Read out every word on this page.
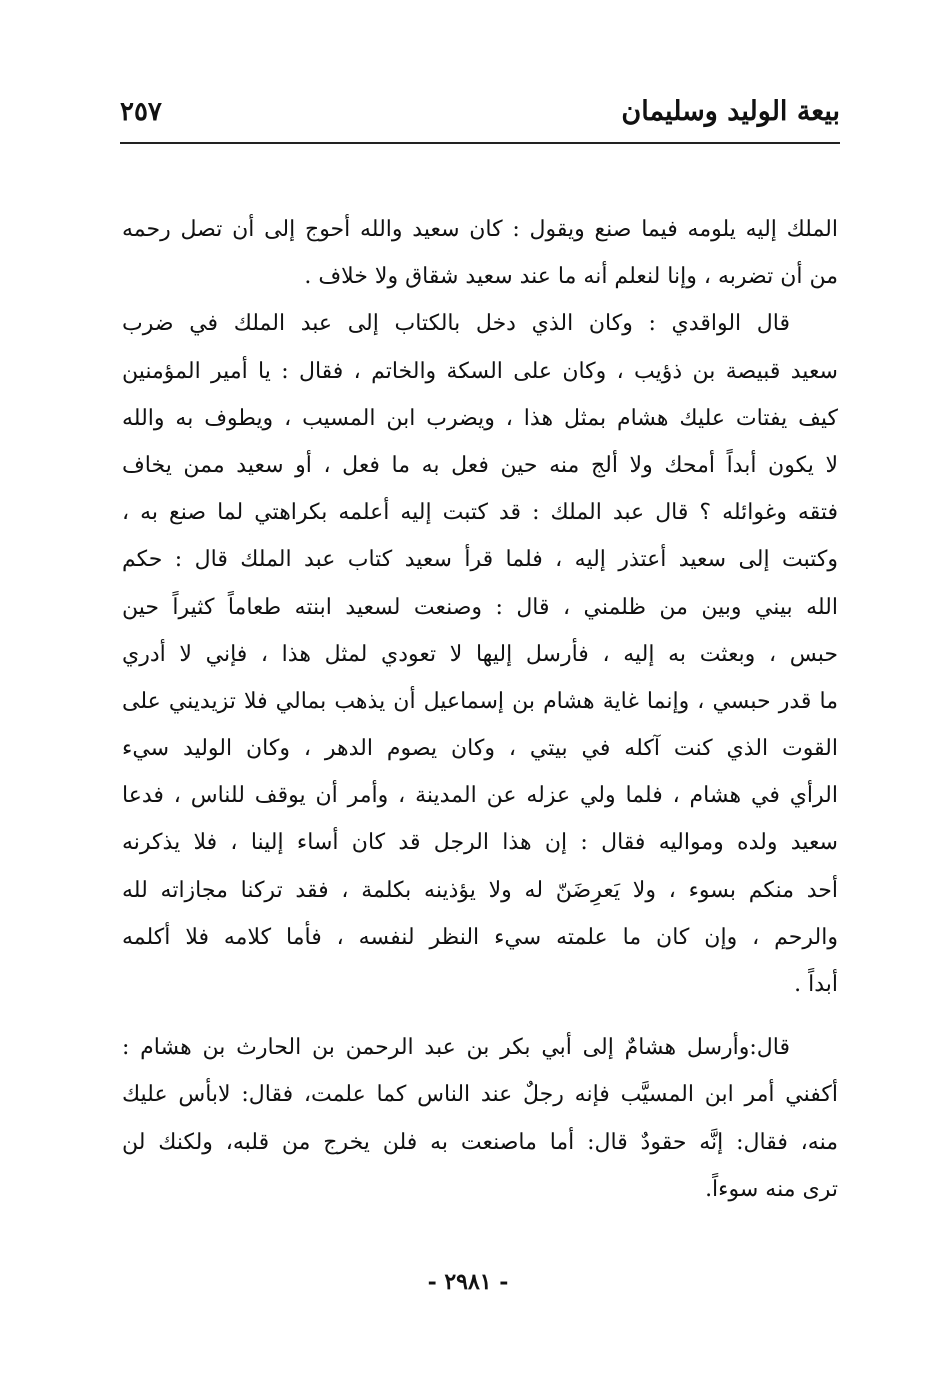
بيعة الوليد وسليمان
٢٥٧
الملك إليه يلومه فيما صنع ويقول : كان سعيد والله أحوج إلى أن تصل رحمه
من أن تضربه ، وإنا لنعلم أنه ما عند سعيد شقاق ولا خلاف .
قال الواقدي : وكان الذي دخل بالكتاب إلى عبد الملك في ضرب
سعيد قبيصة بن ذؤيب ، وكان على السكة والخاتم ، فقال : يا أمير المؤمنين
كيف يفتات عليك هشام بمثل هذا ، ويضرب ابن المسيب ، ويطوف به والله
لا يكون أبداً أمحك ولا ألج منه حين فعل به ما فعل ، أو سعيد ممن يخاف
فتقه وغوائله ؟ قال عبد الملك : قد كتبت إليه أعلمه بكراهتي لما صنع به ،
وكتبت إلى سعيد أعتذر إليه ، فلما قرأ سعيد كتاب عبد الملك قال : حكم
الله بيني وبين من ظلمني ، قال : وصنعت لسعيد ابنته طعاماً كثيراً حين
حبس ، وبعثت به إليه ، فأرسل إليها لا تعودي لمثل هذا ، فإني لا أدري
ما قدر حبسي ، وإنما غاية هشام بن إسماعيل أن يذهب بمالي فلا تزيديني على
القوت الذي كنت آكله في بيتي ، وكان يصوم الدهر ، وكان الوليد سيء
الرأي في هشام ، فلما ولي عزله عن المدينة ، وأمر أن يوقف للناس ، فدعا
سعيد ولده ومواليه فقال : إن هذا الرجل قد كان أساء إلينا ، فلا يذكرنه
أحد منكم بسوء ، ولا يَعرِضَنّ له ولا يؤذينه بكلمة ، فقد تركنا مجازاته لله
والرحم ، وإن كان ما علمته سيء النظر لنفسه ، فأما كلامه فلا أكلمه
أبداً .
قال:وأرسل هشامٌ إلى أبي بكر بن عبد الرحمن بن الحارث بن هشام :
أكفني أمر ابن المسيَّب فإنه رجلٌ عند الناس كما علمت، فقال: لابأس عليك
منه، فقال: إنَّه حقودٌ قال: أما ماصنعت به فلن يخرج من قلبه، ولكنك لن
ترى منه سوءاً.
- ٢٩٨١ -
